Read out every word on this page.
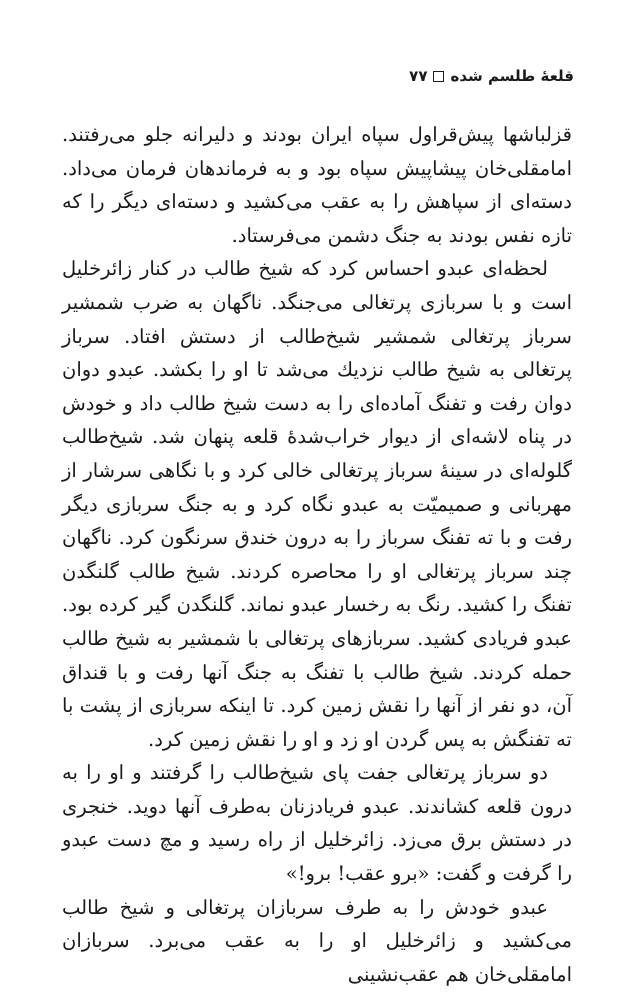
قلعهٔ طلسم شده
۷۷

قزلباشها پیش‌قراول سپاه ایران بودند و دلیرانه جلو می‌رفتند. امامقلی‌خان پیشاپیش سپاه بود و به فرماندهان فرمان می‌داد. دسته‌ای از سپاهش را به عقب می‌کشید و دسته‌ای دیگر را که تازه نفس بودند به جنگ دشمن می‌فرستاد.

لحظه‌ای عبدو احساس کرد که شیخ طالب در کنار زائرخلیل است و با سربازی پرتغالی می‌جنگد. ناگهان به ضرب شمشیر سرباز پرتغالی شمشیر شیخ‌طالب از دستش افتاد. سرباز پرتغالی به شیخ طالب نزدیك می‌شد تا او را بکشد. عبدو دوان دوان رفت و تفنگ آماده‌ای را به دست شیخ طالب داد و خودش در پناه لاشه‌ای از دیوار خراب‌شدهٔ قلعه پنهان شد. شیخ‌طالب گلوله‌ای در سینهٔ سرباز پرتغالی خالی کرد و با نگاهی سرشار از مهربانی و صمیمیّت به عبدو نگاه کرد و به جنگ سربازی دیگر رفت و با ته تفنگ سرباز را به درون خندق سرنگون کرد. ناگهان چند سرباز پرتغالی او را محاصره کردند. شیخ طالب گلنگدن تفنگ را کشید. رنگ به رخسار عبدو نماند. گلنگدن گیر کرده بود. عبدو فریادی کشید. سربازهای پرتغالی با شمشیر به شیخ طالب حمله کردند. شیخ طالب با تفنگ به جنگ آنها رفت و با قنداق آن، دو نفر از آنها را نقش زمین کرد. تا اینکه سربازی از پشت با ته تفنگش به پس گردن او زد و او را نقش زمین کرد.

دو سرباز پرتغالی جفت پای شیخ‌طالب را گرفتند و او را به درون قلعه کشاندند. عبدو فریادزنان به‌طرف آنها دوید. خنجری در دستش برق می‌زد. زائرخلیل از راه رسید و مچ دست عبدو را گرفت و گفت: «برو عقب! برو!»

عبدو خودش را به طرف سربازان پرتغالی و شیخ طالب می‌کشید و زائرخلیل او را به عقب می‌برد. سربازان امامقلی‌خان هم عقب‌نشینی
